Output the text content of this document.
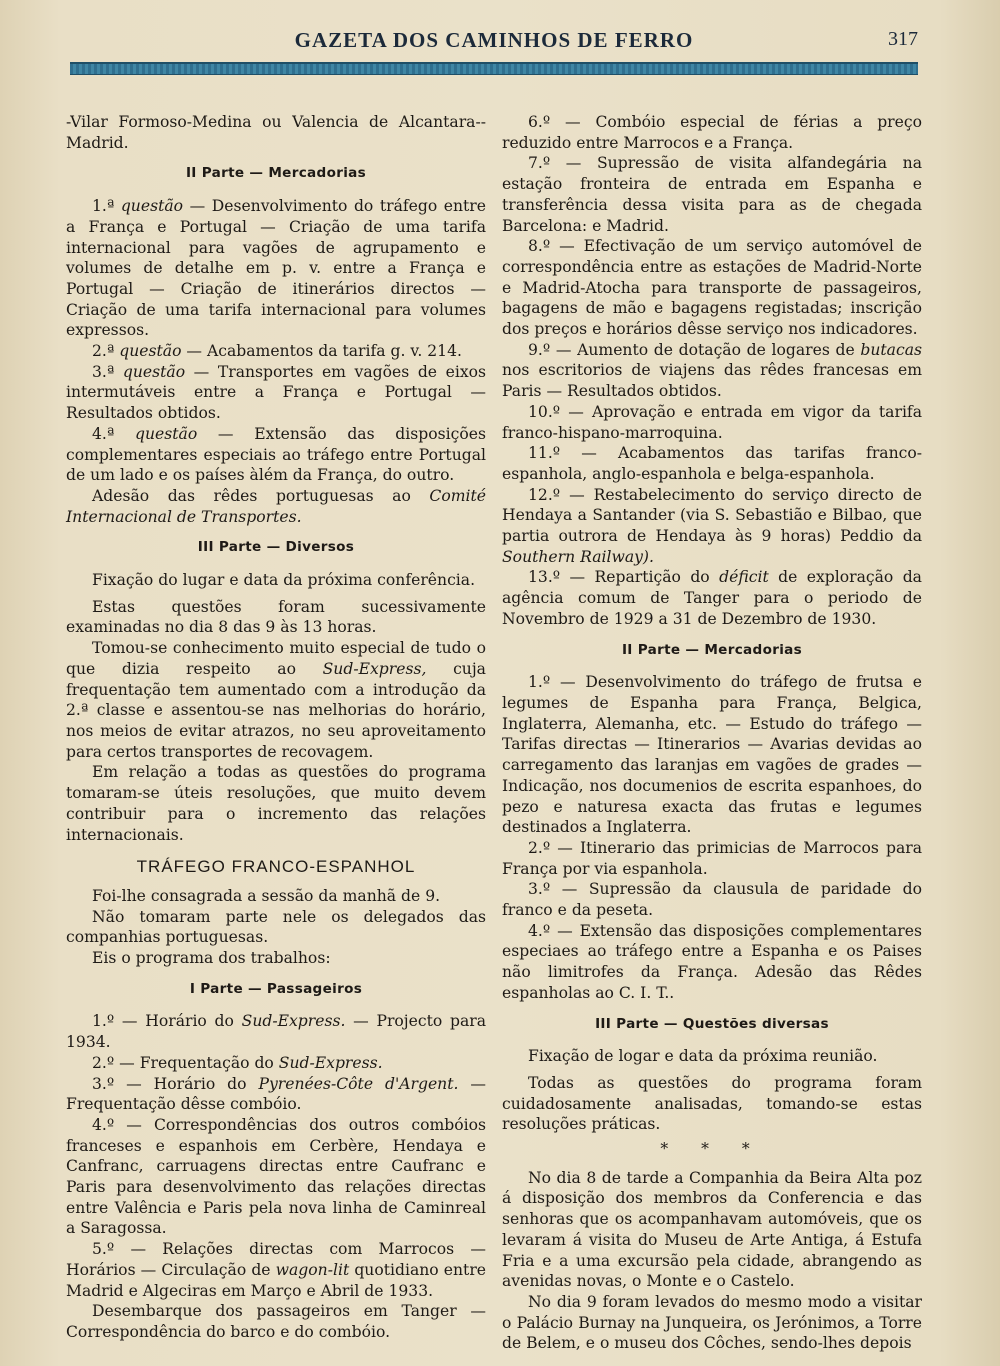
GAZETA DOS CAMINHOS DE FERRO	317

-Vilar Formoso-Medina ou Valencia de Alcantara--Madrid.

II Parte — Mercadorias

1.ª questão — Desenvolvimento do tráfego entre a França e Portugal — Criação de uma tarifa internacional para vagões de agrupamento e volumes de detalhe em p. v. entre a França e Portugal — Criação de itinerários directos — Criação de uma tarifa internacional para volumes expressos.

2.ª questão — Acabamentos da tarifa g. v. 214.

3.ª questão — Transportes em vagões de eixos intermutáveis entre a França e Portugal — Resultados obtidos.

4.ª questão — Extensão das disposições complementares especiais ao tráfego entre Portugal de um lado e os países àlém da França, do outro.

Adesão das rêdes portuguesas ao Comité Internacional de Transportes.

III Parte — Diversos

Fixação do lugar e data da próxima conferência.

Estas questões foram sucessivamente examinadas no dia 8 das 9 às 13 horas.

Tomou-se conhecimento muito especial de tudo o que dizia respeito ao Sud-Express, cuja frequentação tem aumentado com a introdução da 2.ª classe e assentou-se nas melhorias do horário, nos meios de evitar atrazos, no seu aproveitamento para certos transportes de recovagem.

Em relação a todas as questões do programa tomaram-se úteis resoluções, que muito devem contribuir para o incremento das relações internacionais.

TRÁFEGO FRANCO-ESPANHOL

Foi-lhe consagrada a sessão da manhã de 9.

Não tomaram parte nele os delegados das companhias portuguesas.

Eis o programa dos trabalhos:

I Parte — Passageiros

1.º — Horário do Sud-Express. — Projecto para 1934.

2.º — Frequentação do Sud-Express.

3.º — Horário do Pyrenées-Côte d'Argent. — Frequentação dêsse combóio.

4.º — Correspondências dos outros combóios franceses e espanhois em Cerbère, Hendaya e Canfranc, carruagens directas entre Caufranc e Paris para desenvolvimento das relações directas entre Valência e Paris pela nova linha de Caminreal a Saragossa.

5.º — Relações directas com Marrocos — Horários — Circulação de wagon-lit quotidiano entre Madrid e Algeciras em Março e Abril de 1933.

Desembarque dos passageiros em Tanger — Correspondência do barco e do combóio.

6.º — Combóio especial de férias a preço reduzido entre Marrocos e a França.

7.º — Supressão de visita alfandegária na estação fronteira de entrada em Espanha e transferência dessa visita para as de chegada Barcelona: e Madrid.

8.º — Efectivação de um serviço automóvel de correspondência entre as estações de Madrid-Norte e Madrid-Atocha para transporte de passageiros, bagagens de mão e bagagens registadas; inscrição dos preços e horários dêsse serviço nos indicadores.

9.º — Aumento de dotação de logares de butacas nos escritorios de viajens das rêdes francesas em Paris — Resultados obtidos.

10.º — Aprovação e entrada em vigor da tarifa franco-hispano-marroquina.

11.º — Acabamentos das tarifas franco-espanhola, anglo-espanhola e belga-espanhola.

12.º — Restabelecimento do serviço directo de Hendaya a Santander (via S. Sebastião e Bilbao, que partia outrora de Hendaya às 9 horas) Peddio da Southern Railway).

13.º — Repartição do déficit de exploração da agência comum de Tanger para o periodo de Novembro de 1929 a 31 de Dezembro de 1930.

II Parte — Mercadorias

1.º — Desenvolvimento do tráfego de frutsa e legumes de Espanha para França, Belgica, Inglaterra, Alemanha, etc. — Estudo do tráfego — Tarifas directas — Itinerarios — Avarias devidas ao carregamento das laranjas em vagões de grades — Indicação, nos documenios de escrita espanhoes, do pezo e naturesa exacta das frutas e legumes destinados a Inglaterra.

2.º — Itinerario das primicias de Marrocos para França por via espanhola.

3.º — Supressão da clausula de paridade do franco e da peseta.

4.º — Extensão das disposições complementares especiaes ao tráfego entre a Espanha e os Paises não limitrofes da França. Adesão das Rêdes espanholas ao C. I. T..

III Parte — Questões diversas

Fixação de logar e data da próxima reunião.

Todas as questões do programa foram cuidadosamente analisadas, tomando-se estas resoluções práticas.

* * *

No dia 8 de tarde a Companhia da Beira Alta poz á disposição dos membros da Conferencia e das senhoras que os acompanhavam automóveis, que os levaram á visita do Museu de Arte Antiga, á Estufa Fria e a uma excursão pela cidade, abrangendo as avenidas novas, o Monte e o Castelo.

No dia 9 foram levados do mesmo modo a visitar o Palácio Burnay na Junqueira, os Jerónimos, a Torre de Belem, e o museu dos Côches, sendo-lhes depois
